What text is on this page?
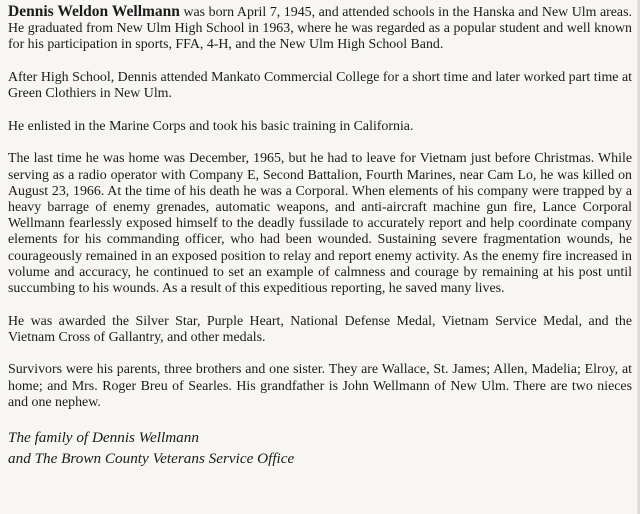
Dennis Weldon Wellmann was born April 7, 1945, and attended schools in the Hanska and New Ulm areas. He graduated from New Ulm High School in 1963, where he was regarded as a popular student and well known for his participation in sports, FFA, 4-H, and the New Ulm High School Band.

After High School, Dennis attended Mankato Commercial College for a short time and later worked part time at Green Clothiers in New Ulm.

He enlisted in the Marine Corps and took his basic training in California.

The last time he was home was December, 1965, but he had to leave for Vietnam just before Christmas. While serving as a radio operator with Company E, Second Battalion, Fourth Marines, near Cam Lo, he was killed on August 23, 1966. At the time of his death he was a Corporal. When elements of his company were trapped by a heavy barrage of enemy grenades, automatic weapons, and anti-aircraft machine gun fire, Lance Corporal Wellmann fearlessly exposed himself to the deadly fussilade to accurately report and help coordinate company elements for his commanding officer, who had been wounded. Sustaining severe fragmentation wounds, he courageously remained in an exposed position to relay and report enemy activity. As the enemy fire increased in volume and accuracy, he continued to set an example of calmness and courage by remaining at his post until succumbing to his wounds. As a result of this expeditious reporting, he saved many lives.

He was awarded the Silver Star, Purple Heart, National Defense Medal, Vietnam Service Medal, and the Vietnam Cross of Gallantry, and other medals.

Survivors were his parents, three brothers and one sister. They are Wallace, St. James; Allen, Madelia; Elroy, at home; and Mrs. Roger Breu of Searles. His grandfather is John Wellmann of New Ulm. There are two nieces and one nephew.

The family of Dennis Wellmann
and The Brown County Veterans Service Office
